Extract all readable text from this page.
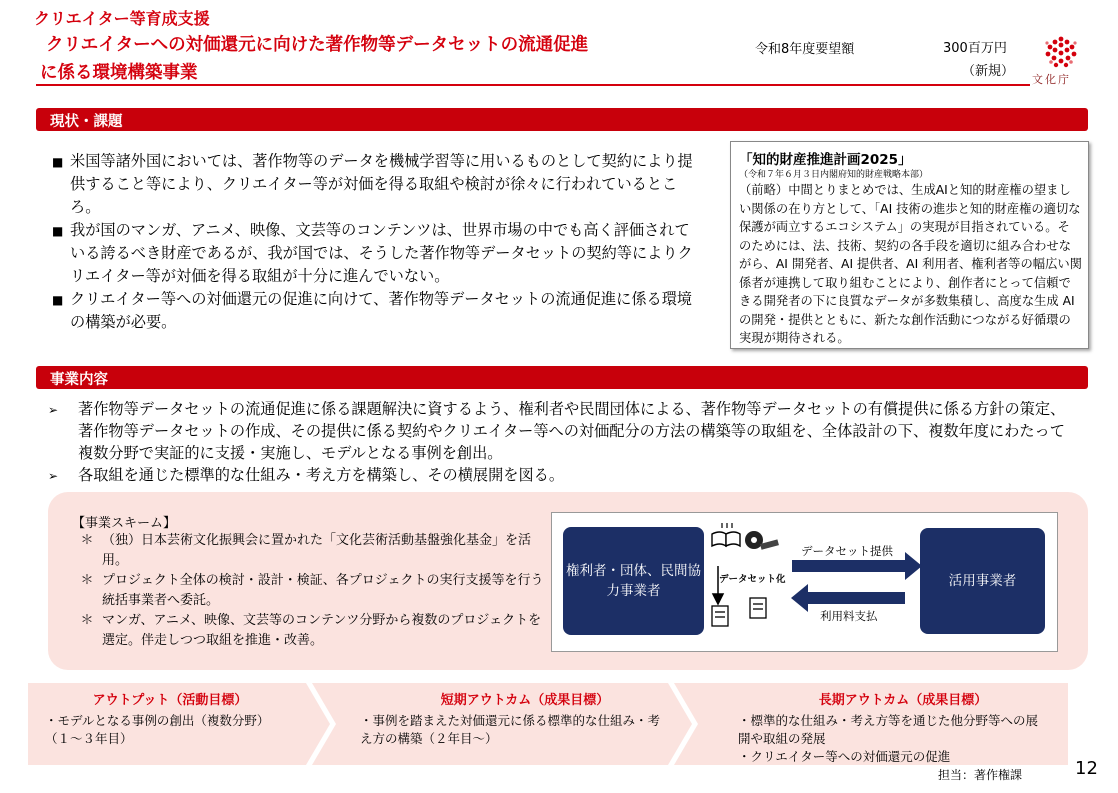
クリエイター等育成支援
クリエイターへの対価還元に向けた著作物等データセットの流通促進
に係る環境構築事業
令和8年度要望額	300百万円
（新規）
文化庁
現状・課題
■ 米国等諸外国においては、著作物等のデータを機械学習等に用いるものとして契約により提供すること等により、クリエイター等が対価を得る取組や検討が徐々に行われているところ。
■ 我が国のマンガ、アニメ、映像、文芸等のコンテンツは、世界市場の中でも高く評価されている誇るべき財産であるが、我が国では、そうした著作物等データセットの契約等によりクリエイター等が対価を得る取組が十分に進んでいない。
■ クリエイター等への対価還元の促進に向けて、著作物等データセットの流通促進に係る環境の構築が必要。
「知的財産推進計画2025」
（令和７年６月３日内閣府知的財産戦略本部）
（前略）中間とりまとめでは、生成AIと知的財産権の望ましい関係の在り方として、「AI 技術の進歩と知的財産権の適切な保護が両立するエコシステム」の実現が目指されている。そのためには、法、技術、契約の各手段を適切に組み合わせながら、AI 開発者、AI 提供者、AI 利用者、権利者等の幅広い関係者が連携して取り組むことにより、創作者にとって信頼できる開発者の下に良質なデータが多数集積し、高度な生成 AI の開発・提供とともに、新たな創作活動につながる好循環の実現が期待される。
事業内容
➢	著作物等データセットの流通促進に係る課題解決に資するよう、権利者や民間団体による、著作物等データセットの有償提供に係る方針の策定、著作物等データセットの作成、その提供に係る契約やクリエイター等への対価配分の方法の構築等の取組を、全体設計の下、複数年度にわたって複数分野で実証的に支援・実施し、モデルとなる事例を創出。
➢	各取組を通じた標準的な仕組み・考え方を構築し、その横展開を図る。
【事業スキーム】
＊ （独）日本芸術文化振興会に置かれた「文化芸術活動基盤強化基金」を活用。
＊ プロジェクト全体の検討・設計・検証、各プロジェクトの実行支援等を行う統括事業者へ委託。
＊ マンガ、アニメ、映像、文芸等のコンテンツ分野から複数のプロジェクトを選定。伴走しつつ取組を推進・改善。
権利者・団体、民間協力事業者
活用事業者
データセット提供
利用料支払
データセット化
アウトプット（活動目標）
・モデルとなる事例の創出（複数分野）
（１～３年目）
短期アウトカム（成果目標）
・事例を踏まえた対価還元に係る標準的な仕組み・考
え方の構築（２年目～）
長期アウトカム（成果目標）
・標準的な仕組み・考え方等を通じた他分野等への展
開や取組の発展
・クリエイター等への対価還元の促進
担当：著作権課	12
